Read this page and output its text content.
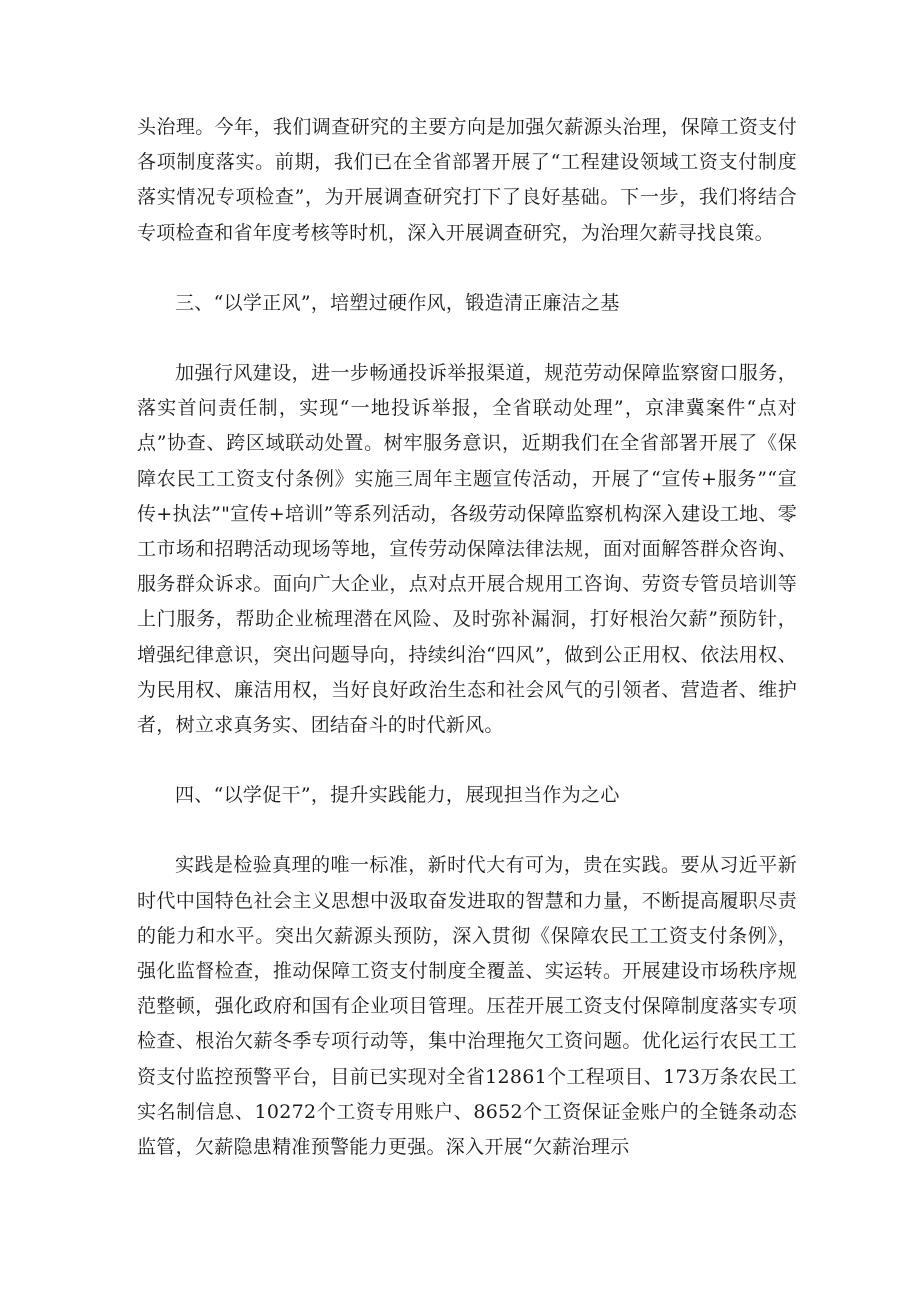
头治理。今年，我们调查研究的主要方向是加强欠薪源头治理，保障工资支付各项制度落实。前期，我们已在全省部署开展了“工程建设领域工资支付制度落实情况专项检查”，为开展调查研究打下了良好基础。下一步，我们将结合专项检查和省年度考核等时机，深入开展调查研究，为治理欠薪寻找良策。

三、“以学正风”，培塑过硬作风，锻造清正廉洁之基

加强行风建设，进一步畅通投诉举报渠道，规范劳动保障监察窗口服务，落实首问责任制，实现“一地投诉举报，全省联动处理”，京津冀案件“点对点”协查、跨区域联动处置。树牢服务意识，近期我们在全省部署开展了《保障农民工工资支付条例》实施三周年主题宣传活动，开展了“宣传+服务”“宣传+执法”"宣传+培训”等系列活动，各级劳动保障监察机构深入建设工地、零工市场和招聘活动现场等地，宣传劳动保障法律法规，面对面解答群众咨询、服务群众诉求。面向广大企业，点对点开展合规用工咨询、劳资专管员培训等上门服务，帮助企业梳理潜在风险、及时弥补漏洞，打好根治欠薪”预防针，增强纪律意识，突出问题导向，持续纠治“四风”，做到公正用权、依法用权、为民用权、廉洁用权，当好良好政治生态和社会风气的引领者、营造者、维护者，树立求真务实、团结奋斗的时代新风。

四、“以学促干”，提升实践能力，展现担当作为之心

实践是检验真理的唯一标准，新时代大有可为，贵在实践。要从习近平新时代中国特色社会主义思想中汲取奋发进取的智慧和力量，不断提高履职尽责的能力和水平。突出欠薪源头预防，深入贯彻《保障农民工工资支付条例》，强化监督检查，推动保障工资支付制度全覆盖、实运转。开展建设市场秩序规范整顿，强化政府和国有企业项目管理。压茬开展工资支付保障制度落实专项检查、根治欠薪冬季专项行动等，集中治理拖欠工资问题。优化运行农民工工资支付监控预警平台，目前已实现对全省12861个工程项目、173万条农民工实名制信息、10272个工资专用账户、8652个工资保证金账户的全链条动态监管，欠薪隐患精准预警能力更强。深入开展“欠薪治理示
